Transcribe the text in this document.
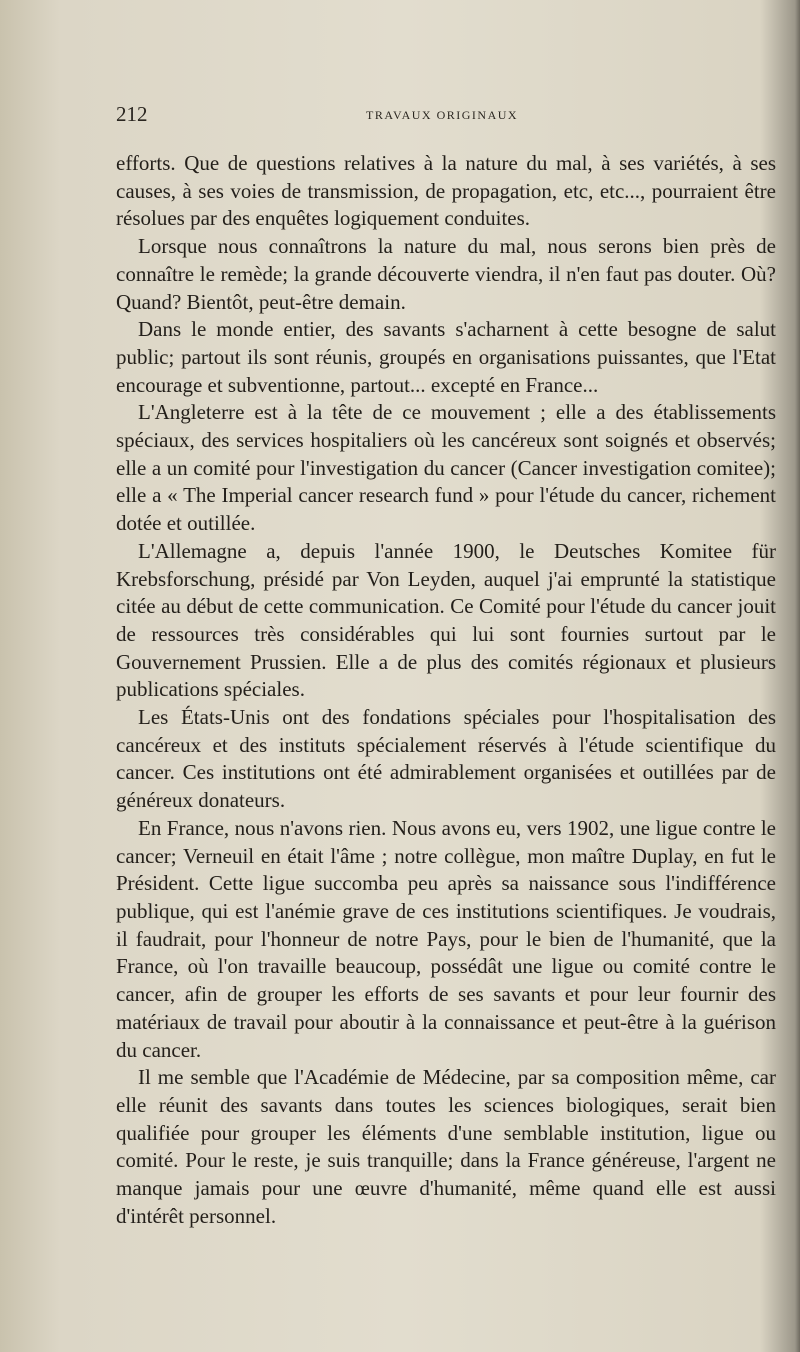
212	TRAVAUX ORIGINAUX

efforts. Que de questions relatives à la nature du mal, à ses variétés, à ses causes, à ses voies de transmission, de propagation, etc, etc..., pourraient être résolues par des enquêtes logiquement conduites.

Lorsque nous connaîtrons la nature du mal, nous serons bien près de connaître le remède; la grande découverte viendra, il n'en faut pas douter. Où? Quand? Bientôt, peut-être demain.

Dans le monde entier, des savants s'acharnent à cette besogne de salut public; partout ils sont réunis, groupés en organisations puissantes, que l'Etat encourage et subventionne, partout... excepté en France...

L'Angleterre est à la tête de ce mouvement ; elle a des établissements spéciaux, des services hospitaliers où les cancéreux sont soignés et observés; elle a un comité pour l'investigation du cancer (Cancer investigation comitee); elle a « The Imperial cancer research fund » pour l'étude du cancer, richement dotée et outillée.

L'Allemagne a, depuis l'année 1900, le Deutsches Komitee für Krebsforschung, présidé par Von Leyden, auquel j'ai emprunté la statistique citée au début de cette communication. Ce Comité pour l'étude du cancer jouit de ressources très considérables qui lui sont fournies surtout par le Gouvernement Prussien. Elle a de plus des comités régionaux et plusieurs publications spéciales.

Les États-Unis ont des fondations spéciales pour l'hospitalisation des cancéreux et des instituts spécialement réservés à l'étude scientifique du cancer. Ces institutions ont été admirablement organisées et outillées par de généreux donateurs.

En France, nous n'avons rien. Nous avons eu, vers 1902, une ligue contre le cancer; Verneuil en était l'âme ; notre collègue, mon maître Duplay, en fut le Président. Cette ligue succomba peu après sa naissance sous l'indifférence publique, qui est l'anémie grave de ces institutions scientifiques. Je voudrais, il faudrait, pour l'honneur de notre Pays, pour le bien de l'humanité, que la France, où l'on travaille beaucoup, possédât une ligue ou comité contre le cancer, afin de grouper les efforts de ses savants et pour leur fournir des matériaux de travail pour aboutir à la connaissance et peut-être à la guérison du cancer.

Il me semble que l'Académie de Médecine, par sa composition même, car elle réunit des savants dans toutes les sciences biologiques, serait bien qualifiée pour grouper les éléments d'une semblable institution, ligue ou comité. Pour le reste, je suis tranquille; dans la France généreuse, l'argent ne manque jamais pour une œuvre d'humanité, même quand elle est aussi d'intérêt personnel.
